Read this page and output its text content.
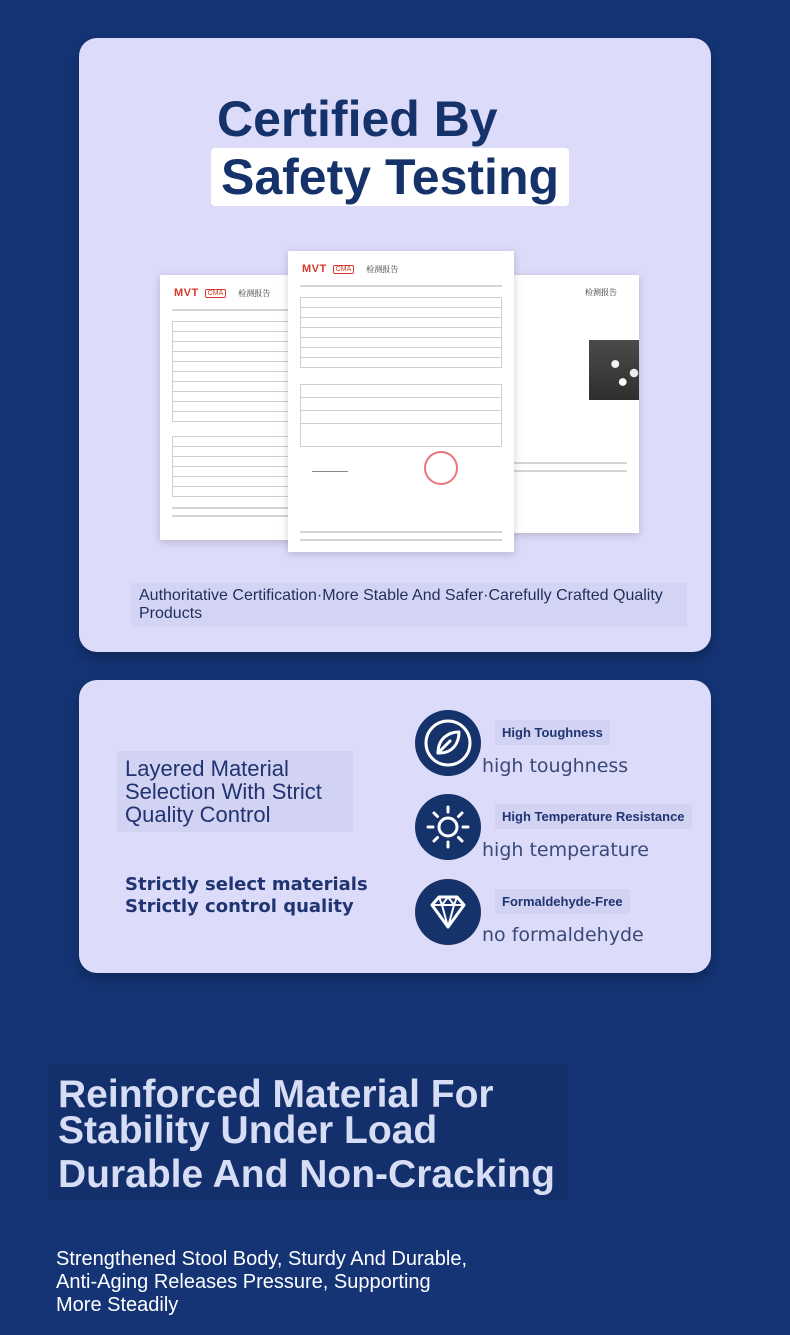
Certified By
Safety Testing
MVT	CMA	检测报告
MVT	CMA	检测报告
检测报告
Authoritative Certification·More Stable And Safer·Carefully Crafted Quality Products
Layered Material Selection With Strict Quality Control
Strictly select materials
Strictly control quality
High Toughness
high toughness
High Temperature Resistance
high temperature
Formaldehyde-Free
no formaldehyde
Reinforced Material For
Stability Under Load
Durable And Non-Cracking
Strengthened Stool Body, Sturdy And Durable, Anti-Aging Releases Pressure, Supporting More Steadily
